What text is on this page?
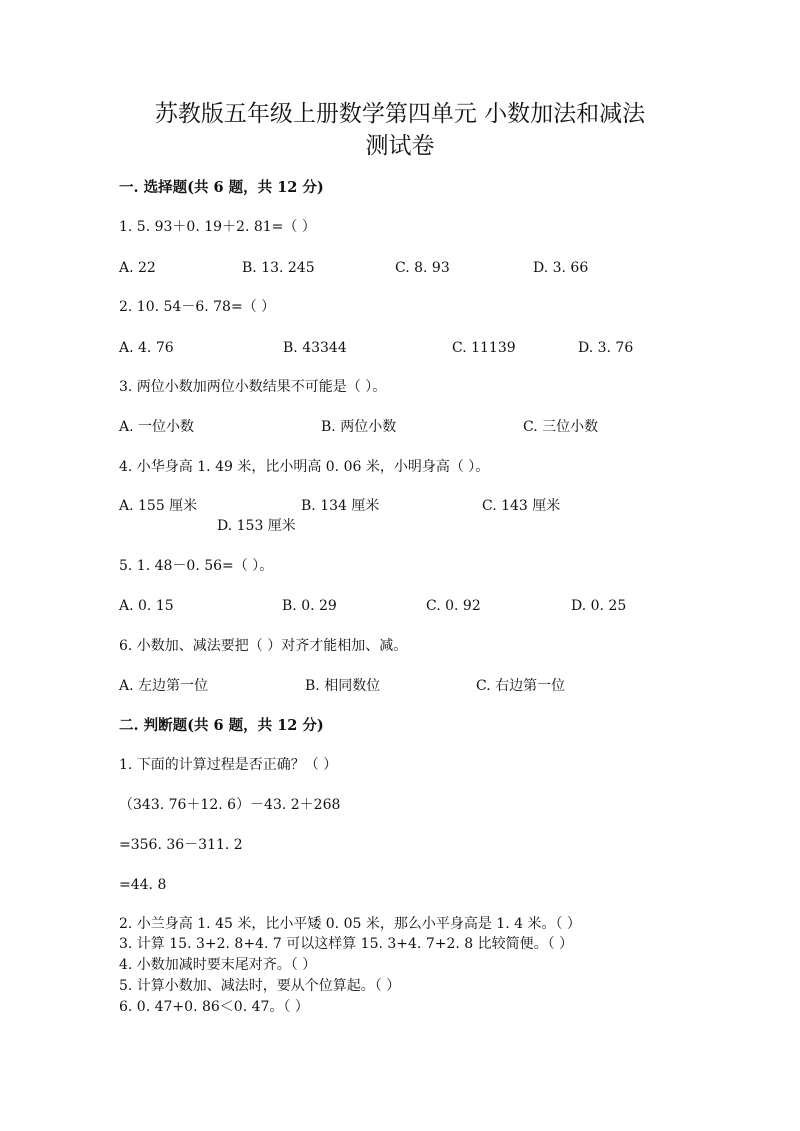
苏教版五年级上册数学第四单元 小数加法和减法
测试卷
一. 选择题(共 6 题，共 12 分)
1. 5. 93＋0. 19＋2. 81=（ ）
A. 22	B. 13. 245	C. 8. 93	D. 3. 66
2. 10. 54－6. 78=（ ）
A. 4. 76	B. 43344	C. 11139	D. 3. 76
3. 两位小数加两位小数结果不可能是（ ）。
A. 一位小数	B. 两位小数	C. 三位小数
4. 小华身高 1. 49 米，比小明高 0. 06 米，小明身高（ ）。
A. 155 厘米	B. 134 厘米	C. 143 厘米
D. 153 厘米
5. 1. 48－0. 56=（ ）。
A. 0. 15	B. 0. 29	C. 0. 92	D. 0. 25
6. 小数加、减法要把（ ）对齐才能相加、减。
A. 左边第一位	B. 相同数位	C. 右边第一位
二. 判断题(共 6 题，共 12 分)
1. 下面的计算过程是否正确？（ ）
（343. 76＋12. 6）－43. 2＋268
=356. 36－311. 2
=44. 8
2. 小兰身高 1. 45 米，比小平矮 0. 05 米，那么小平身高是 1. 4 米。（ ）
3. 计算 15. 3+2. 8+4. 7 可以这样算 15. 3+4. 7+2. 8 比较简便。（ ）
4. 小数加减时要末尾对齐。（ ）
5. 计算小数加、减法时，要从个位算起。（ ）
6. 0. 47+0. 86＜0. 47。（ ）
